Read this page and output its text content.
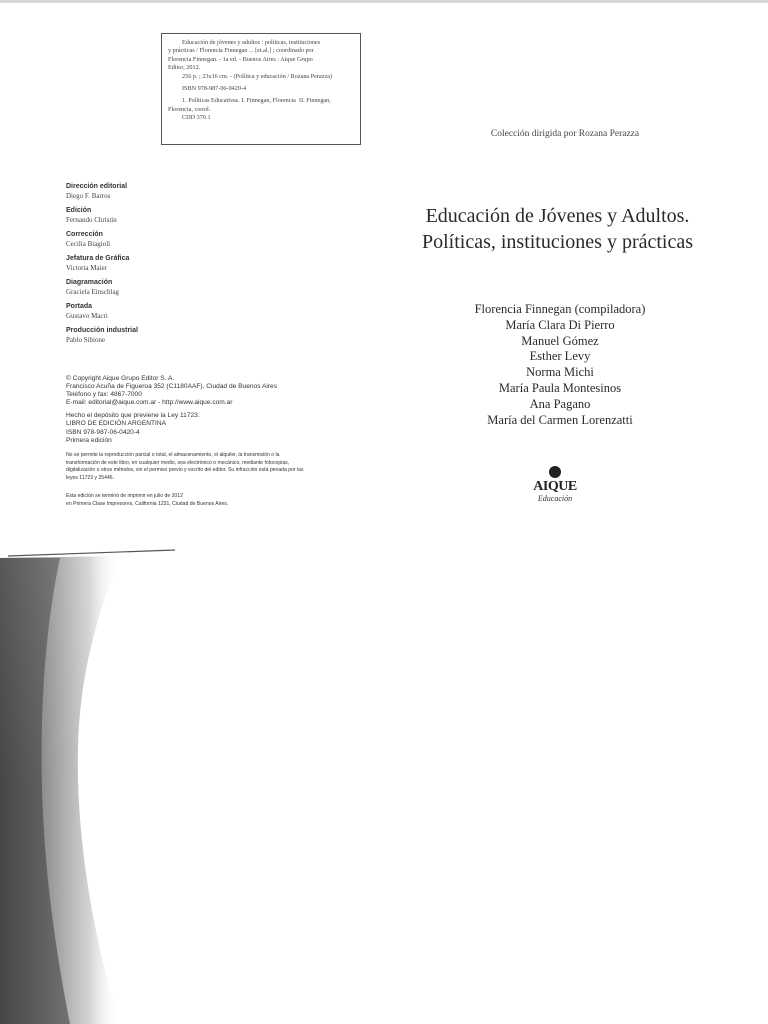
Educación de jóvenes y adultos : políticas, instituciones
y prácticas / Florencia Finnegan ... [et.al.] ; coordinado por
Florencia Finnegan. - 1a ed. - Buenos Aires : Aique Grupo
Editor, 2012.
256 p. ; 23x16 cm. - (Política y educación / Rozana Perazza)
ISBN 978-987-06-0420-4
1. Políticas Educativas. I. Finnegan, Florencia  II. Finnegan,
Florencia, coord.
CDD 370.1
Colección dirigida por Rozana Perazza
Dirección editorial
Diego F. Barros
Edición
Fernando Christin
Corrección
Cecilia Biagioli
Jefatura de Gráfica
Victoria Maier
Diagramación
Graciela Einschlag
Portada
Gustavo Macri
Producción industrial
Pablo Sibione
© Copyright Aique Grupo Editor S. A.
Francisco Acuña de Figueroa 352 (C1180AAF), Ciudad de Buenos Aires
Teléfono y fax: 4867-7000
E-mail: editorial@aique.com.ar - http://www.aique.com.ar
Hecho el depósito que previene la Ley 11723.
LIBRO DE EDICIÓN ARGENTINA
ISBN 978-987-06-0420-4
Primera edición
No se permite la reproducción parcial o total, el almacenamiento, el alquiler, la transmisión o la
transformación de este libro, en cualquier medio, sea electrónico o mecánico, mediante fotocopias,
digitalización u otros métodos, sin el permiso previo y escrito del editor. Su infracción está penada por las
leyes 11723 y 25446.
Esta edición se terminó de imprimir en julio de 2012
en Primera Clase Impresores, California 1231, Ciudad de Buenos Aires.
Educación de Jóvenes y Adultos.
Políticas, instituciones y prácticas
Florencia Finnegan (compiladora)
María Clara Di Pierro
Manuel Gómez
Esther Levy
Norma Michi
María Paula Montesinos
Ana Pagano
María del Carmen Lorenzatti
AIQUE
Educación
